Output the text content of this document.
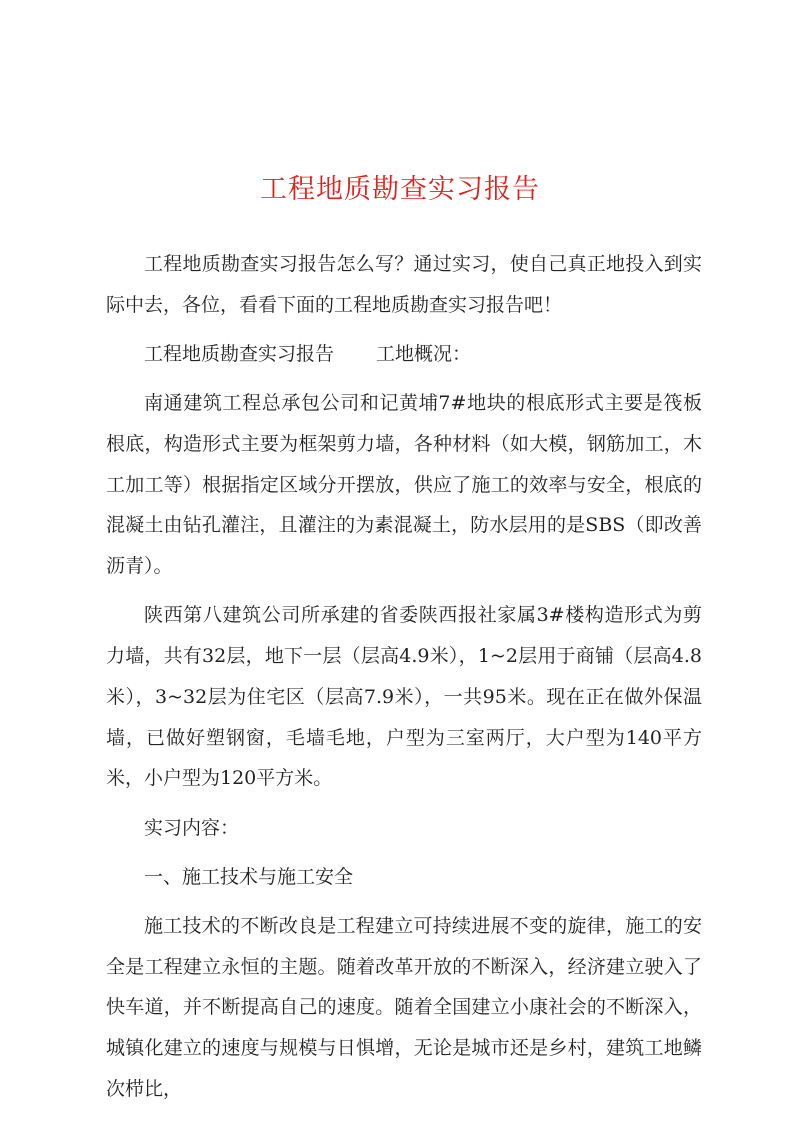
工程地质勘查实习报告

工程地质勘查实习报告怎么写？通过实习，使自己真正地投入到实际中去，各位，看看下面的工程地质勘查实习报告吧！

工程地质勘查实习报告 工地概况：

南通建筑工程总承包公司和记黄埔7#地块的根底形式主要是筏板根底，构造形式主要为框架剪力墙，各种材料（如大模，钢筋加工，木工加工等）根据指定区域分开摆放，供应了施工的效率与安全，根底的混凝土由钻孔灌注，且灌注的为素混凝土，防水层用的是SBS（即改善沥青）。

陕西第八建筑公司所承建的省委陕西报社家属3#楼构造形式为剪力墙，共有32层，地下一层（层高4.9米），1~2层用于商铺（层高4.8米），3~32层为住宅区（层高7.9米），一共95米。现在正在做外保温墙，已做好塑钢窗，毛墙毛地，户型为三室两厅，大户型为140平方米，小户型为120平方米。

实习内容：

一、施工技术与施工安全

施工技术的不断改良是工程建立可持续进展不变的旋律，施工的安全是工程建立永恒的主题。随着改革开放的不断深入，经济建立驶入了快车道，并不断提高自己的速度。随着全国建立小康社会的不断深入，城镇化建立的速度与规模与日惧增，无论是城市还是乡村，建筑工地鳞次栉比，
